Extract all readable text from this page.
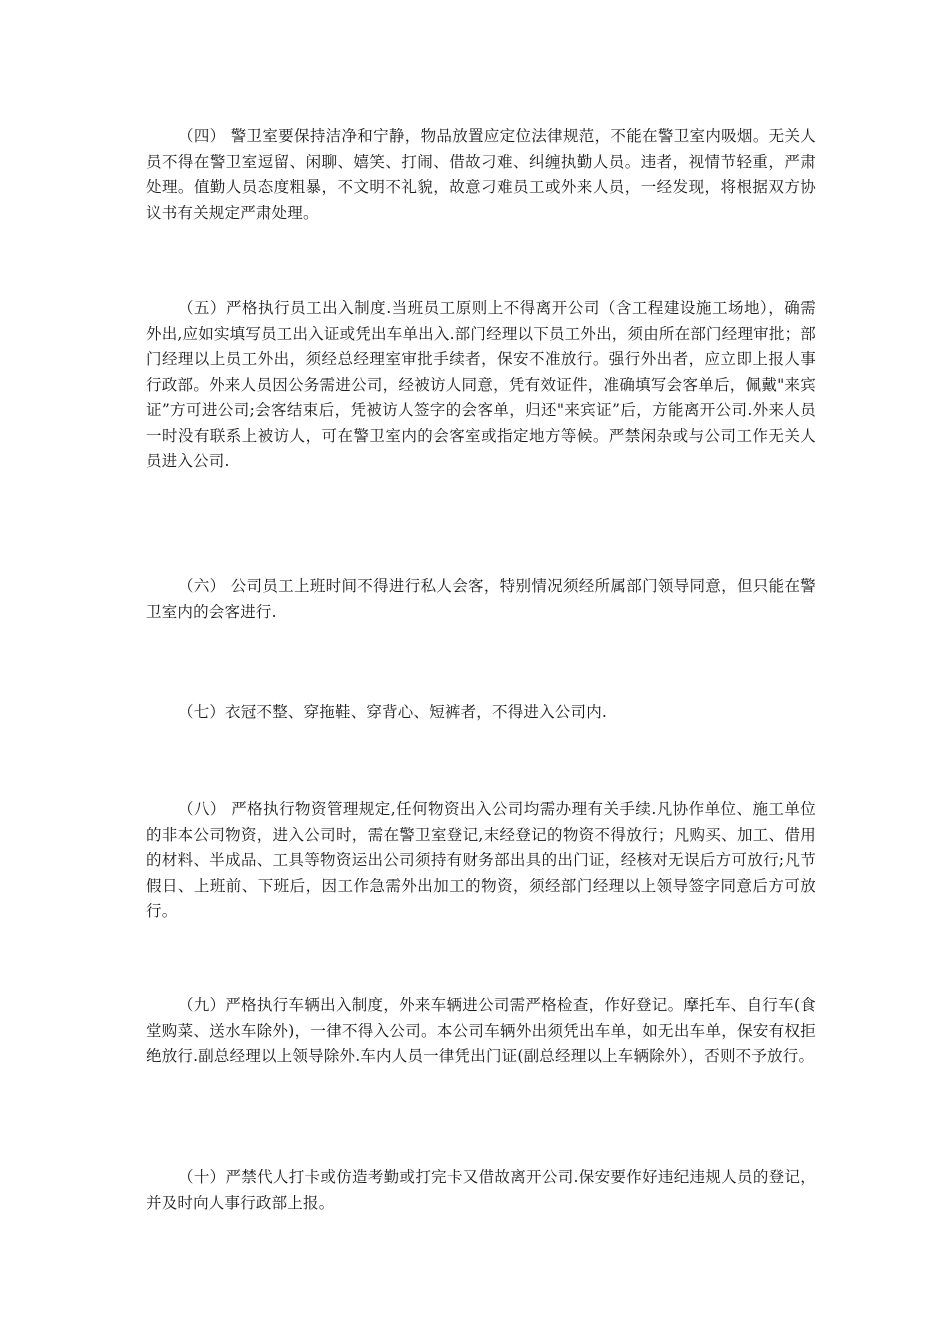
（四） 警卫室要保持洁净和宁静，物品放置应定位法律规范，不能在警卫室内吸烟。无关人员不得在警卫室逗留、闲聊、嬉笑、打闹、借故刁难、纠缠执勤人员。违者，视情节轻重，严肃处理。值勤人员态度粗暴，不文明不礼貌，故意刁难员工或外来人员，一经发现，将根据双方协议书有关规定严肃处理。

（五）严格执行员工出入制度.当班员工原则上不得离开公司（含工程建设施工场地），确需外出,应如实填写员工出入证或凭出车单出入.部门经理以下员工外出，须由所在部门经理审批；部门经理以上员工外出，须经总经理室审批手续者，保安不准放行。强行外出者，应立即上报人事行政部。外来人员因公务需进公司，经被访人同意，凭有效证件，准确填写会客单后，佩戴"来宾证”方可进公司;会客结束后，凭被访人签字的会客单，归还"来宾证”后，方能离开公司.外来人员一时没有联系上被访人，可在警卫室内的会客室或指定地方等候。严禁闲杂或与公司工作无关人员进入公司.

（六） 公司员工上班时间不得进行私人会客，特别情况须经所属部门领导同意，但只能在警卫室内的会客进行.

（七）衣冠不整、穿拖鞋、穿背心、短裤者，不得进入公司内.

（八） 严格执行物资管理规定,任何物资出入公司均需办理有关手续.凡协作单位、施工单位的非本公司物资，进入公司时，需在警卫室登记,末经登记的物资不得放行；凡购买、加工、借用的材料、半成品、工具等物资运出公司须持有财务部出具的出门证，经核对无误后方可放行;凡节假日、上班前、下班后，因工作急需外出加工的物资，须经部门经理以上领导签字同意后方可放行。

（九）严格执行车辆出入制度，外来车辆进公司需严格检查，作好登记。摩托车、自行车(食堂购菜、送水车除外)，一律不得入公司。本公司车辆外出须凭出车单，如无出车单，保安有权拒绝放行.副总经理以上领导除外.车内人员一律凭出门证(副总经理以上车辆除外），否则不予放行。

（十）严禁代人打卡或仿造考勤或打完卡又借故离开公司.保安要作好违纪违规人员的登记，并及时向人事行政部上报。
